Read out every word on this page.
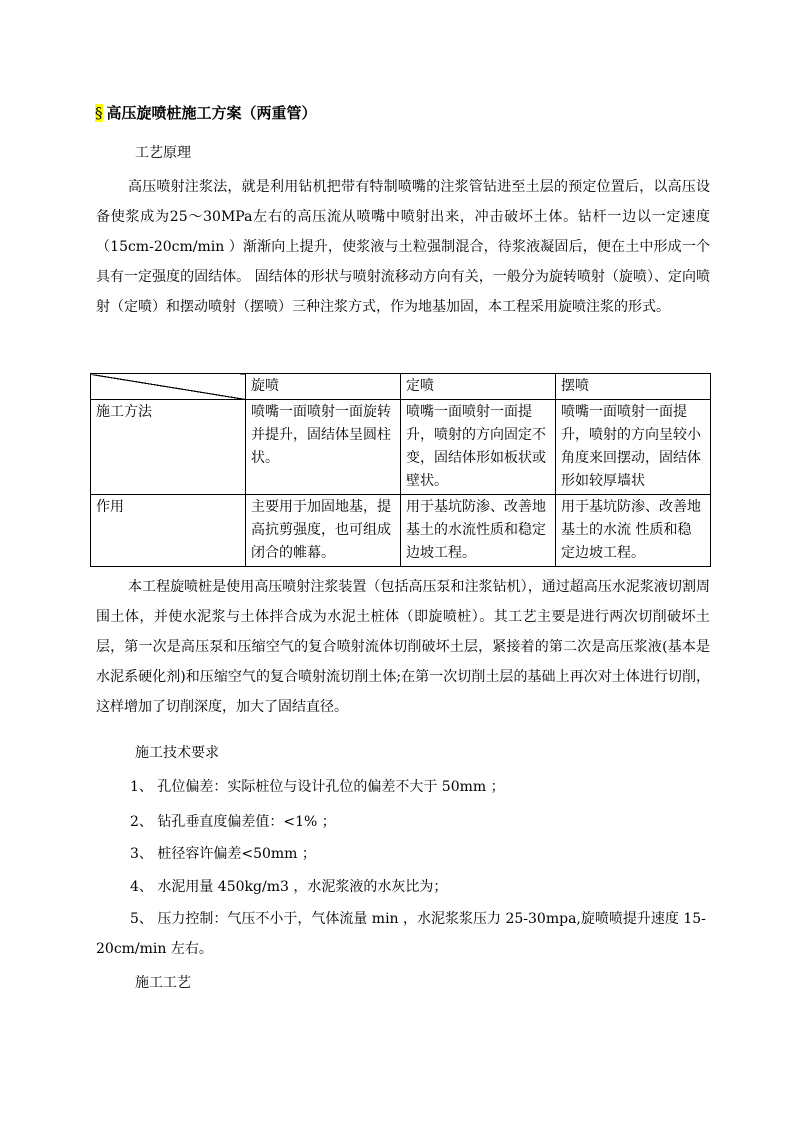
§ 高压旋喷桩施工方案（两重管）
工艺原理

高压喷射注浆法，就是利用钻机把带有特制喷嘴的注浆管钻进至土层的预定位置后，以高压设备使浆成为25～30MPa左右的高压流从喷嘴中喷射出来，冲击破坏土体。钻杆一边以一定速度（15cm-20cm/min ）渐渐向上提升，使浆液与土粒强制混合，待浆液凝固后，便在土中形成一个具有一定强度的固结体。 固结体的形状与喷射流移动方向有关，一般分为旋转喷射（旋喷）、定向喷射（定喷）和摆动喷射（摆喷）三种注浆方式，作为地基加固，本工程采用旋喷注浆的形式。

	旋喷	定喷	摆喷
施工方法	喷嘴一面喷射一面旋转并提升，固结体呈圆柱状。	喷嘴一面喷射一面提升，喷射的方向固定不变，固结体形如板状或壁状。	喷嘴一面喷射一面提升，喷射的方向呈较小角度来回摆动，固结体形如较厚墙状
作用	主要用于加固地基，提高抗剪强度，也可组成闭合的帷幕。	用于基坑防渗、改善地基土的水流性质和稳定边坡工程。	用于基坑防渗、改善地基土的水流 性质和稳定边坡工程。

本工程旋喷桩是使用高压喷射注浆装置（包括高压泵和注浆钻机），通过超高压水泥浆液切割周围土体，并使水泥浆与土体拌合成为水泥土桩体（即旋喷桩）。其工艺主要是进行两次切削破坏土层，第一次是高压泵和压缩空气的复合喷射流体切削破坏土层，紧接着的第二次是高压浆液(基本是水泥系硬化剂)和压缩空气的复合喷射流切削土体;在第一次切削土层的基础上再次对土体进行切削，这样增加了切削深度，加大了固结直径。

施工技术要求
1、 孔位偏差：实际桩位与设计孔位的偏差不大于 50mm ；
2、 钻孔垂直度偏差值：<1% ；
3、 桩径容许偏差<50mm ；
4、 水泥用量 450kg/m3 ，水泥浆液的水灰比为；

5、 压力控制：气压不小于，气体流量 min ，水泥浆浆压力 25-30mpa,旋喷喷提升速度 15-20cm/min 左右。

施工工艺
